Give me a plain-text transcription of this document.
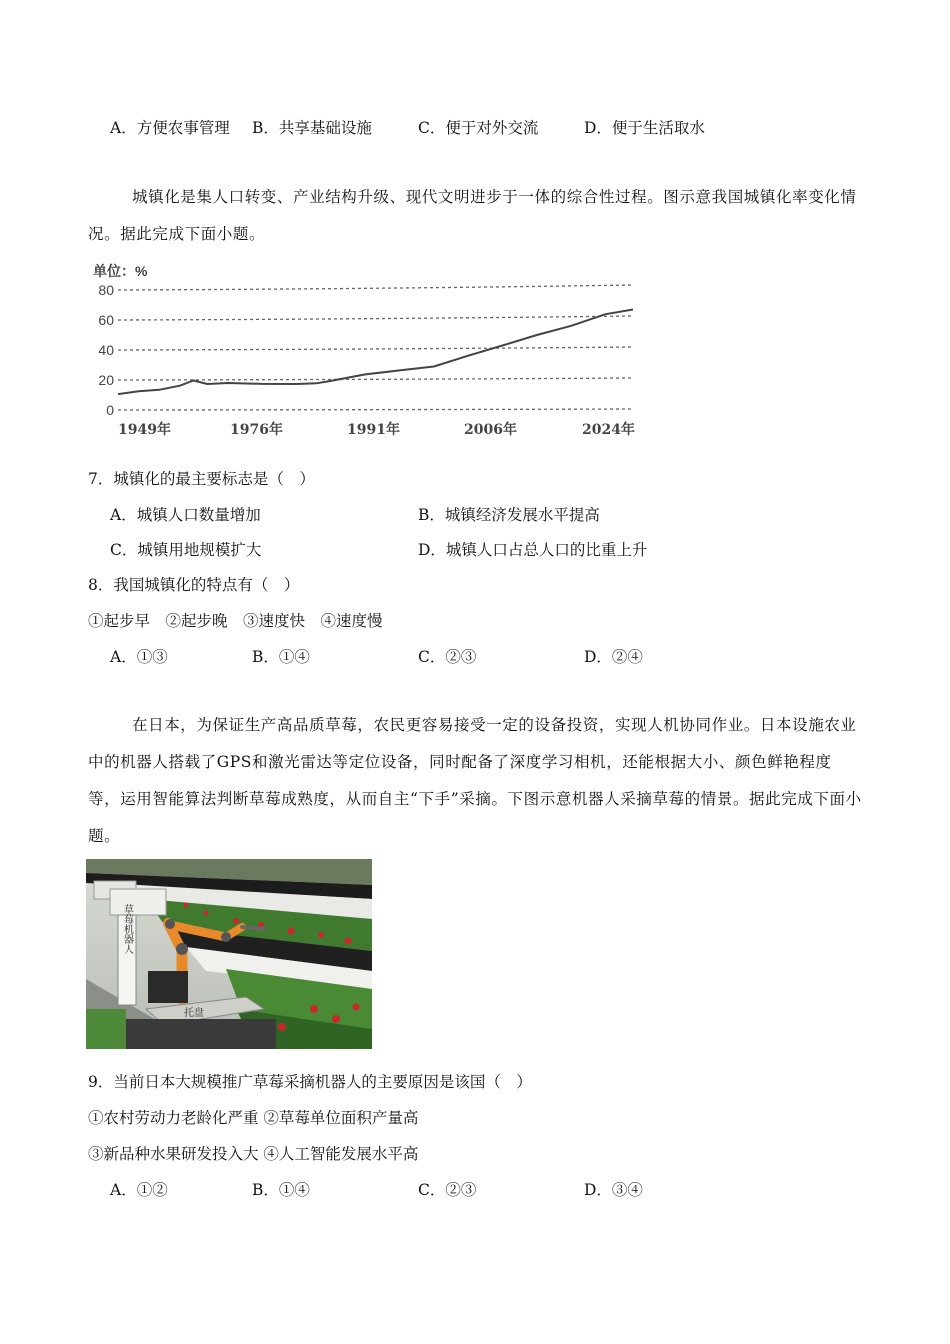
A．方便农事管理 B．共享基础设施	C．便于对外交流	D．便于生活取水
城镇化是集人口转变、产业结构升级、现代文明进步于一体的综合性过程。图示意我国城镇化率变化情况。据此完成下面小题。
单位：%
80
60
40
20
0
1949年	1976年	1991年	2006年	2024年
7．城镇化的最主要标志是（　）
A．城镇人口数量增加	B．城镇经济发展水平提高
C．城镇用地规模扩大	D．城镇人口占总人口的比重上升
8．我国城镇化的特点有（　）
①起步早　②起步晚　③速度快　④速度慢
A．①③	B．①④	C．②③	D．②④
在日本，为保证生产高品质草莓，农民更容易接受一定的设备投资，实现人机协同作业。日本设施农业中的机器人搭载了GPS和激光雷达等定位设备，同时配备了深度学习相机，还能根据大小、颜色鲜艳程度等，运用智能算法判断草莓成熟度，从而自主“下手”采摘。下图示意机器人采摘草莓的情景。据此完成下面小题。
草莓机器人
托盘
9．当前日本大规模推广草莓采摘机器人的主要原因是该国（　）
①农村劳动力老龄化严重 ②草莓单位面积产量高
③新品种水果研发投入大 ④人工智能发展水平高
A．①②	B．①④	C．②③	D．③④
